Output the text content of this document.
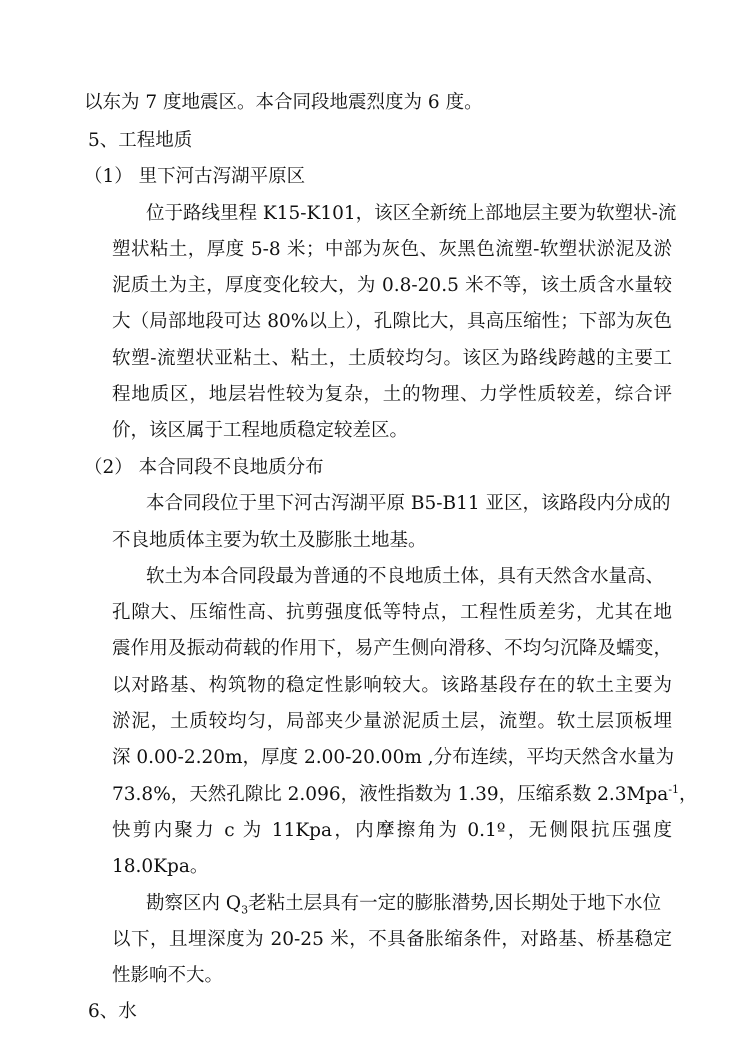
以东为 7 度地震区。本合同段地震烈度为 6 度。
5、工程地质
（1） 里下河古泻湖平原区
位于路线里程 K15-K101，该区全新统上部地层主要为软塑状-流
塑状粘土，厚度 5-8 米；中部为灰色、灰黑色流塑-软塑状淤泥及淤
泥质土为主，厚度变化较大，为 0.8-20.5 米不等，该土质含水量较
大（局部地段可达 80%以上），孔隙比大，具高压缩性；下部为灰色
软塑-流塑状亚粘土、粘土，土质较均匀。该区为路线跨越的主要工
程地质区，地层岩性较为复杂，土的物理、力学性质较差，综合评
价，该区属于工程地质稳定较差区。
（2） 本合同段不良地质分布
本合同段位于里下河古泻湖平原 B5-B11 亚区，该路段内分成的
不良地质体主要为软土及膨胀土地基。
软土为本合同段最为普通的不良地质土体，具有天然含水量高、
孔隙大、压缩性高、抗剪强度低等特点，工程性质差劣，尤其在地
震作用及振动荷载的作用下，易产生侧向滑移、不均匀沉降及蠕变，
以对路基、构筑物的稳定性影响较大。该路基段存在的软土主要为
淤泥，土质较均匀，局部夹少量淤泥质土层，流塑。软土层顶板埋
深 0.00-2.20m，厚度 2.00-20.00m ,分布连续，平均天然含水量为
73.8%，天然孔隙比 2.096，液性指数为 1.39，压缩系数 2.3Mpa$^{-1}$，
快剪内聚力 c 为 11Kpa，内摩擦角为 0.1º，无侧限抗压强度
18.0Kpa。
勘察区内 $Q_3$老粘土层具有一定的膨胀潜势,因长期处于地下水位
以下，且埋深度为 20-25 米，不具备胀缩条件，对路基、桥基稳定
性影响不大。
6、水
